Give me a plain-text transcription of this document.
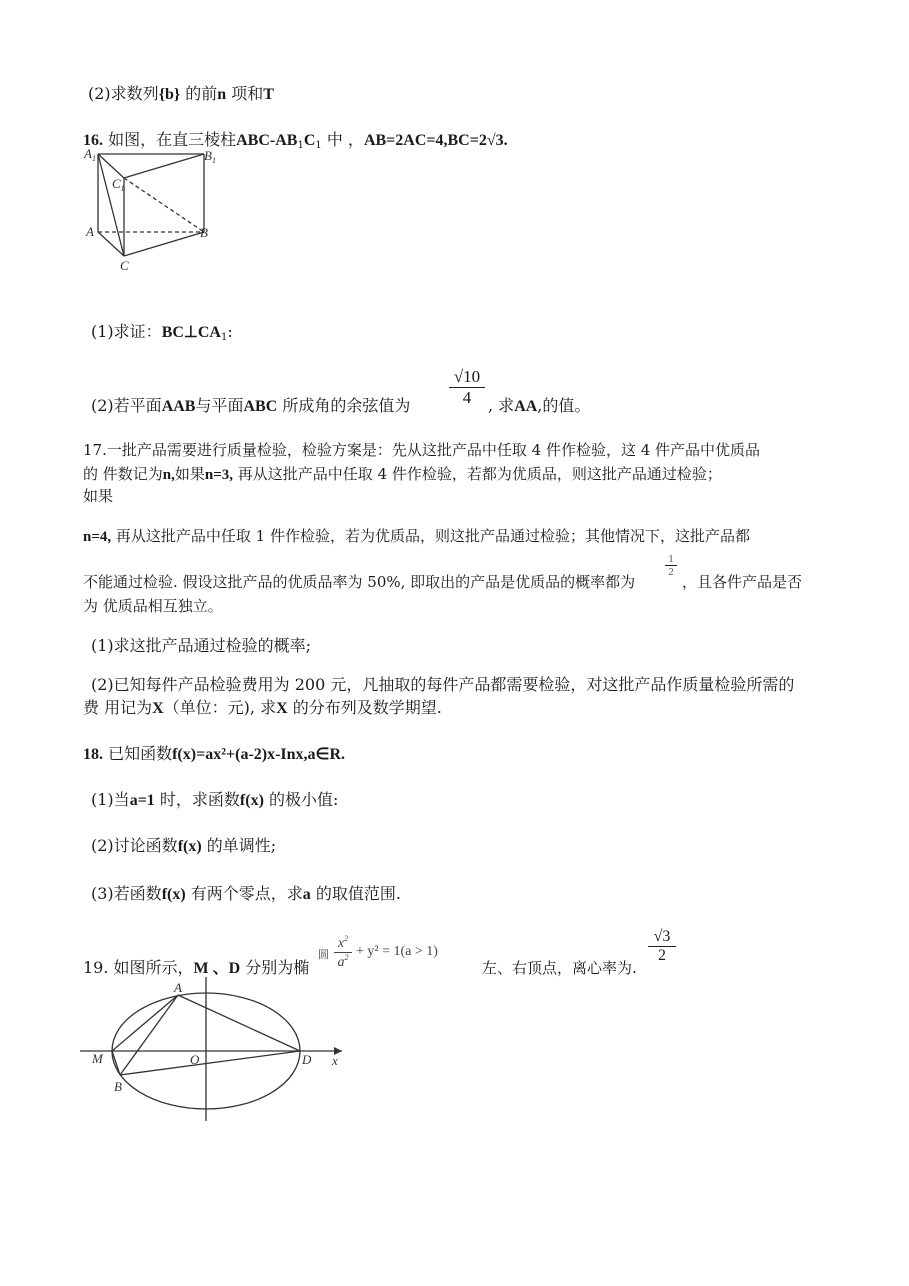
(2)求数列{b} 的前n 项和T
16. 如图，在直三棱柱ABC-$AB_1C_1$ 中 ，AB=2AC=4,BC=2√3.
$A_1$	$B_1$
$C_1$
A	B
C
(1)求证：$BC\perp CA_1$:
(2)若平面AAB与平面ABC 所成角的余弦值为 $\frac{√10}{4}$ , 求AA,的值。
17.一批产品需要进行质量检验，检验方案是：先从这批产品中任取 4 件作检验，这 4 件产品中优质品
的 件数记为n,如果n=3, 再从这批产品中任取 4 件作检验，若都为优质品，则这批产品通过检验；
如果
n=4, 再从这批产品中任取 1 件作检验，若为优质品，则这批产品通过检验；其他情况下，这批产品都
不能通过检验. 假设这批产品的优质品率为 50%, 即取出的产品是优质品的概率都为
$\frac{1}{2}$
，且各件产品是否
为 优质品相互独立。
(1)求这批产品通过检验的概率;
(2)已知每件产品检验费用为 200 元，凡抽取的每件产品都需要检验，对这批产品作质量检验所需的
费 用记为X（单位：元), 求X 的分布列及数学期望.
18. 已知函数f(x)=ax²+(a-2)x-Inx,a∈R.
(1)当a=1 时，求函数f(x) 的极小值:
(2)讨论函数f(x) 的单调性;
(3)若函数f(x) 有两个零点，求a 的取值范围.
19. 如图所示，M 、D 分别为椭
圆 $\frac{x^2}{a^2} + y^2 = 1(a > 1)$
左、右顶点，离心率为.
$\frac{√3}{2}$
A
M	O	D x
B
